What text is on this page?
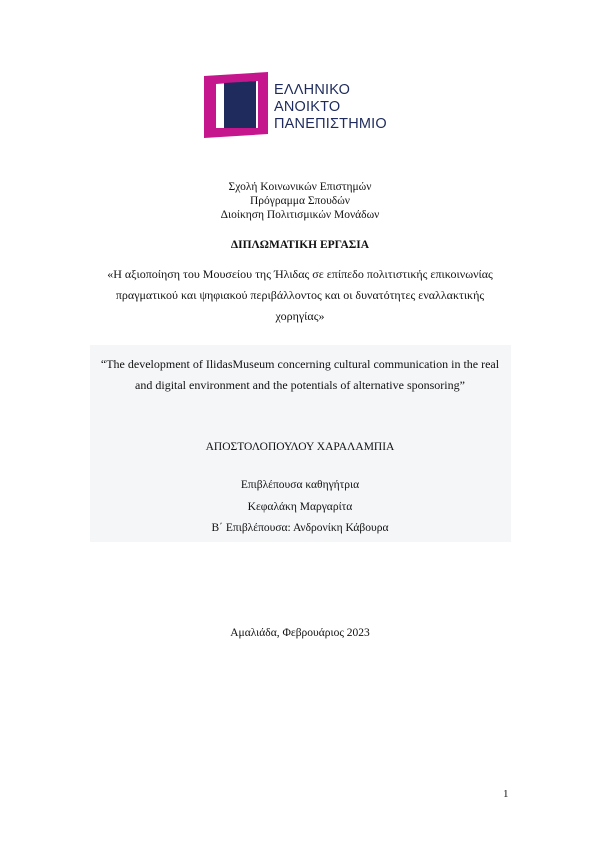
ΕΛΛΗΝΙΚΟ
ΑΝΟΙΚΤΟ
ΠΑΝΕΠΙΣΤΗΜΙΟ
Σχολή Κοινωνικών Επιστημών
Πρόγραμμα Σπουδών
Διοίκηση Πολιτισμικών Μονάδων
ΔΙΠΛΩΜΑΤΙΚΗ ΕΡΓΑΣΙΑ
«Η αξιοποίηση του Μουσείου της Ήλιδας σε επίπεδο πολιτιστικής επικοινωνίας
πραγματικού και ψηφιακού περιβάλλοντος και οι δυνατότητες εναλλακτικής
χορηγίας»
“The development of IlidasMuseum concerning cultural communication in the real
and digital environment and the potentials of alternative sponsoring”
ΑΠΟΣΤΟΛΟΠΟΥΛΟΥ ΧΑΡΑΛΑΜΠΙΑ
Επιβλέπουσα καθηγήτρια
Κεφαλάκη Μαργαρίτα
Β΄ Επιβλέπουσα: Ανδρονίκη Κάβουρα
Αμαλιάδα, Φεβρουάριος 2023
1
